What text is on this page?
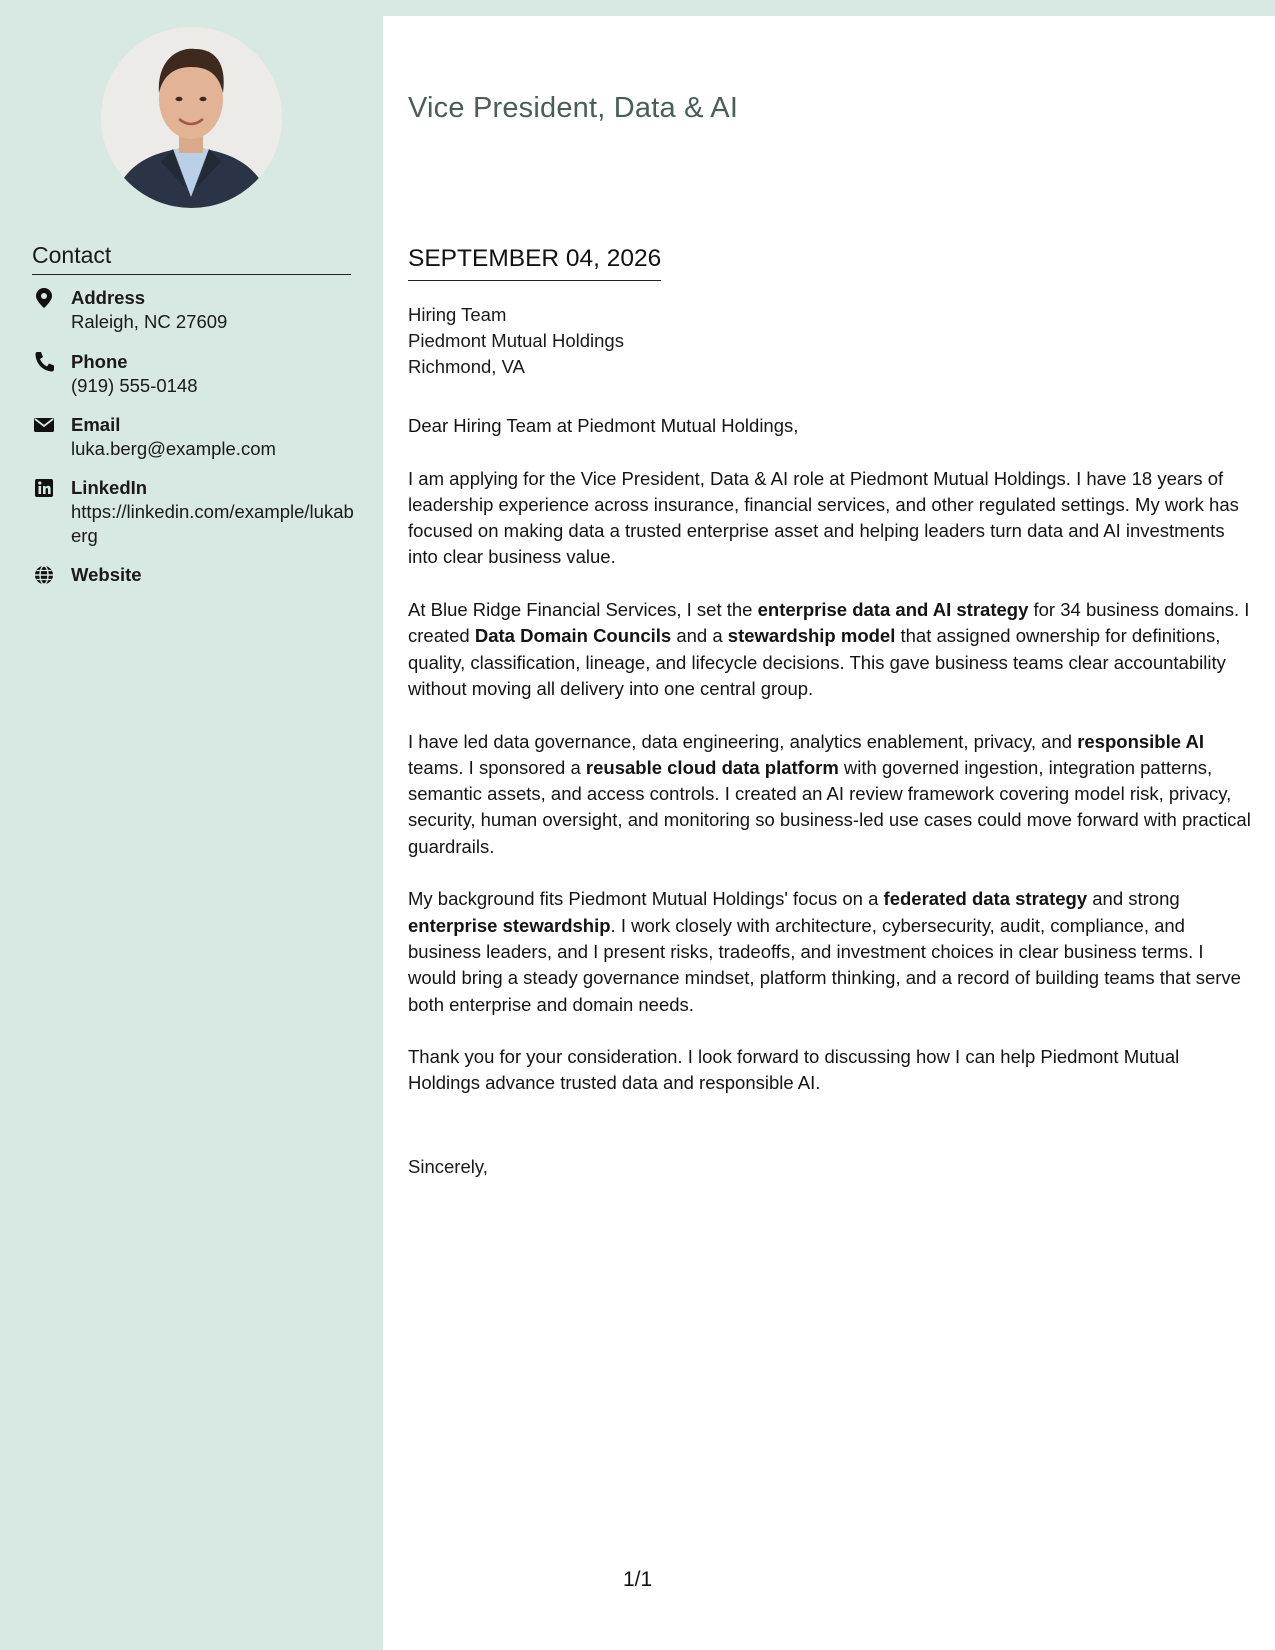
Contact
Address
Raleigh, NC 27609
Phone
(919) 555-0148
Email
luka.berg@example.com
LinkedIn
https://linkedin.com/example/lukaberg
Website
Vice President, Data & AI
SEPTEMBER 04, 2026
Hiring Team
Piedmont Mutual Holdings
Richmond, VA

Dear Hiring Team at Piedmont Mutual Holdings,

I am applying for the Vice President, Data & AI role at Piedmont Mutual Holdings. I have 18 years of leadership experience across insurance, financial services, and other regulated settings. My work has focused on making data a trusted enterprise asset and helping leaders turn data and AI investments into clear business value.

At Blue Ridge Financial Services, I set the enterprise data and AI strategy for 34 business domains. I created Data Domain Councils and a stewardship model that assigned ownership for definitions, quality, classification, lineage, and lifecycle decisions. This gave business teams clear accountability without moving all delivery into one central group.

I have led data governance, data engineering, analytics enablement, privacy, and responsible AI teams. I sponsored a reusable cloud data platform with governed ingestion, integration patterns, semantic assets, and access controls. I created an AI review framework covering model risk, privacy, security, human oversight, and monitoring so business-led use cases could move forward with practical guardrails.

My background fits Piedmont Mutual Holdings' focus on a federated data strategy and strong enterprise stewardship. I work closely with architecture, cybersecurity, audit, compliance, and business leaders, and I present risks, tradeoffs, and investment choices in clear business terms. I would bring a steady governance mindset, platform thinking, and a record of building teams that serve both enterprise and domain needs.

Thank you for your consideration. I look forward to discussing how I can help Piedmont Mutual Holdings advance trusted data and responsible AI.

Sincerely,
1/1
